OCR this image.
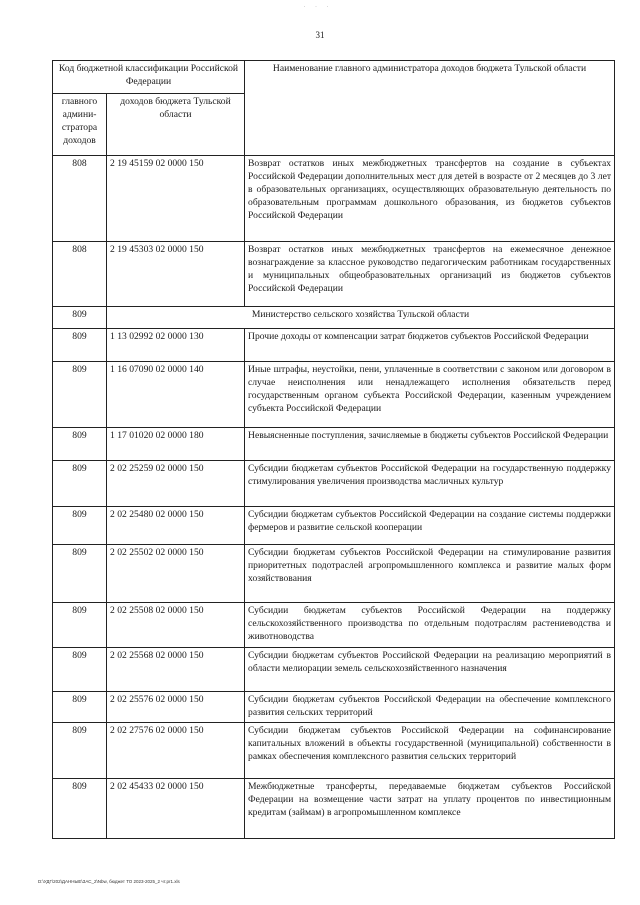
· · ·
31
Код бюджетной классификации Российской Федерации		Наименование главного администратора доходов бюджета Тульской области
главного админи-стратора доходов	доходов бюджета Тульской области	
808	2 19 45159 02 0000 150	Возврат остатков иных межбюджетных трансфертов на создание в субъектах Российской Федерации дополнительных мест для детей в возрасте от 2 месяцев до 3 лет в образовательных организациях, осуществляющих образовательную деятельность по образовательным программам дошкольного образования, из бюджетов субъектов Российской Федерации
808	2 19 45303 02 0000 150	Возврат остатков иных межбюджетных трансфертов на ежемесячное денежное вознаграждение за классное руководство педагогическим работникам государственных и муниципальных общеобразовательных организаций из бюджетов субъектов Российской Федерации
809	Министерство сельского хозяйства Тульской области	
809	1 13 02992 02 0000 130	Прочие доходы от компенсации затрат бюджетов субъектов Российской Федерации
809	1 16 07090 02 0000 140	Иные штрафы, неустойки, пени, уплаченные в соответствии с законом или договором в случае неисполнения или ненадлежащего исполнения обязательств перед государственным органом субъекта Российской Федерации, казенным учреждением субъекта Российской Федерации
809	1 17 01020 02 0000 180	Невыясненные поступления, зачисляемые в бюджеты субъектов Российской Федерации
809	2 02 25259 02 0000 150	Субсидии бюджетам субъектов Российской Федерации на государственную поддержку стимулирования увеличения производства масличных культур
809	2 02 25480 02 0000 150	Субсидии бюджетам субъектов Российской Федерации на создание системы поддержки фермеров и развитие сельской кооперации
809	2 02 25502 02 0000 150	Субсидии бюджетам субъектов Российской Федерации на стимулирование развития приоритетных подотраслей агропромышленного комплекса и развитие малых форм хозяйствования
809	2 02 25508 02 0000 150	Субсидии бюджетам субъектов Российской Федерации на поддержку сельскохозяйственного производства по отдельным подотраслям растениеводства и животноводства
809	2 02 25568 02 0000 150	Субсидии бюджетам субъектов Российской Федерации на реализацию мероприятий в области мелиорации земель сельскохозяйственного назначения
809	2 02 25576 02 0000 150	Субсидии бюджетам субъектов Российской Федерации на обеспечение комплексного развития сельских территорий
809	2 02 27576 02 0000 150	Субсидии бюджетам субъектов Российской Федерации на софинансирование капитальных вложений в объекты государственной (муниципальной) собственности в рамках обеспечения комплексного развития сельских территорий
809	2 02 45433 02 0000 150	Межбюджетные трансферты, передаваемые бюджетам субъектов Российской Федерации на возмещение части затрат на уплату процентов по инвестиционным кредитам (займам) в агропромышленном комплексе
D:\УДГ\202\ДАННЫЕ\ЗАС_2\Nbw, бюджет ТО 2023-2025_2 чт.pr1.xls
